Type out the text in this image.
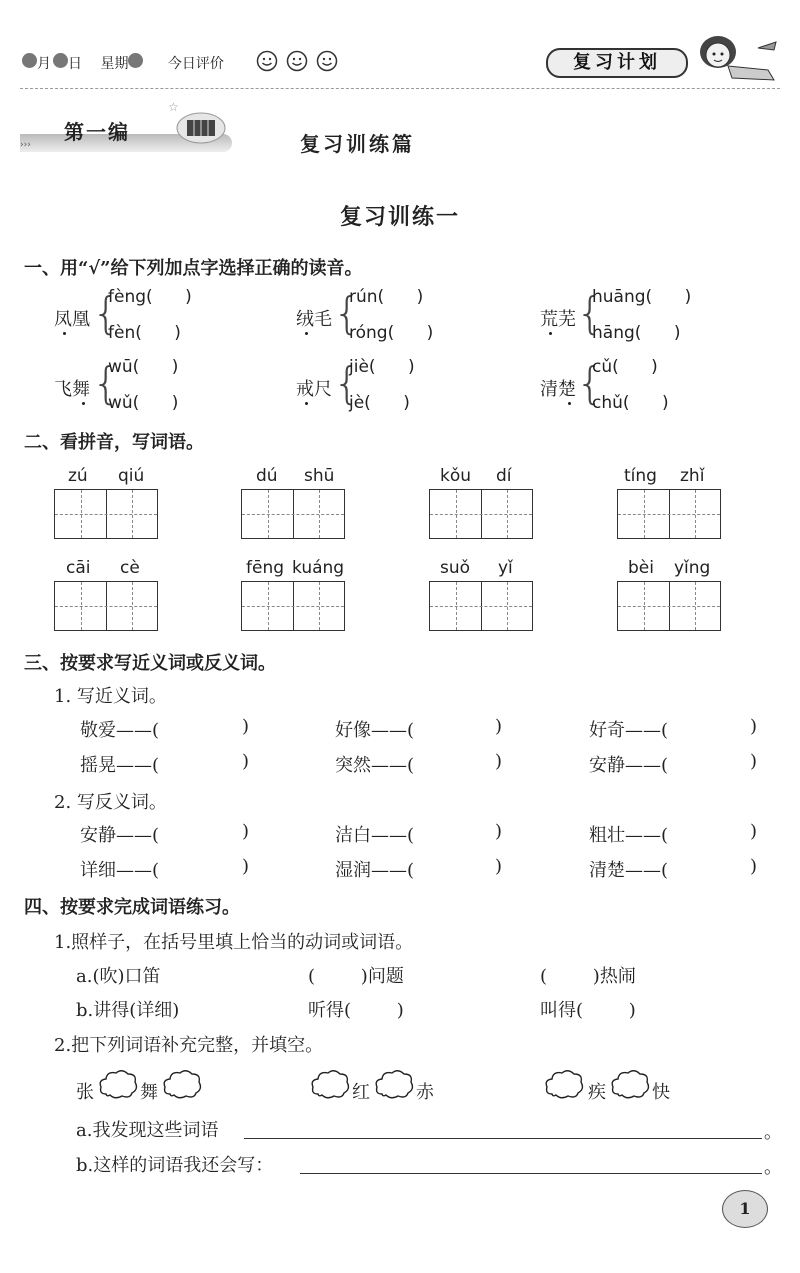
月 日 星期	今日评价	复习计划
›››
第一编
☆
复习训练篇
复习训练一
一、用“√”给下列加点字选择正确的读音。
凤凰 {
fèng(      )
fèn(      )
绒毛 {
rún(      )
róng(      )
荒芜 {
huāng(      )
hāng(      )
飞舞 {
wū(      )
wǔ(      )
戒尺 {
jiè(      )
jè(      )
清楚 {
cǔ(      )
chǔ(      )
二、看拼音，写词语。
zú qiú	dú shū	kǒu dí	tíng zhǐ
cāi cè	fēng kuáng	suǒ yǐ	bèi yǐng
三、按要求写近义词或反义词。
1. 写近义词。
敬爱——(	)	好像——(	)	好奇——(	)
摇晃——(	)	突然——(	)	安静——(	)
2. 写反义词。
安静——(	)	洁白——(	)	粗壮——(	)
详细——(	)	湿润——(	)	清楚——(	)
四、按要求完成词语练习。
1.照样子，在括号里填上恰当的动词或词语。
a.(吹)口笛	(        )问题	(        )热闹
b.讲得(详细)	听得(        )	叫得(        )
2.把下列词语补充完整，并填空。
张	舞	红	赤	疾	快
a.我发现这些词语	。
b.这样的词语我还会写：	。
1
